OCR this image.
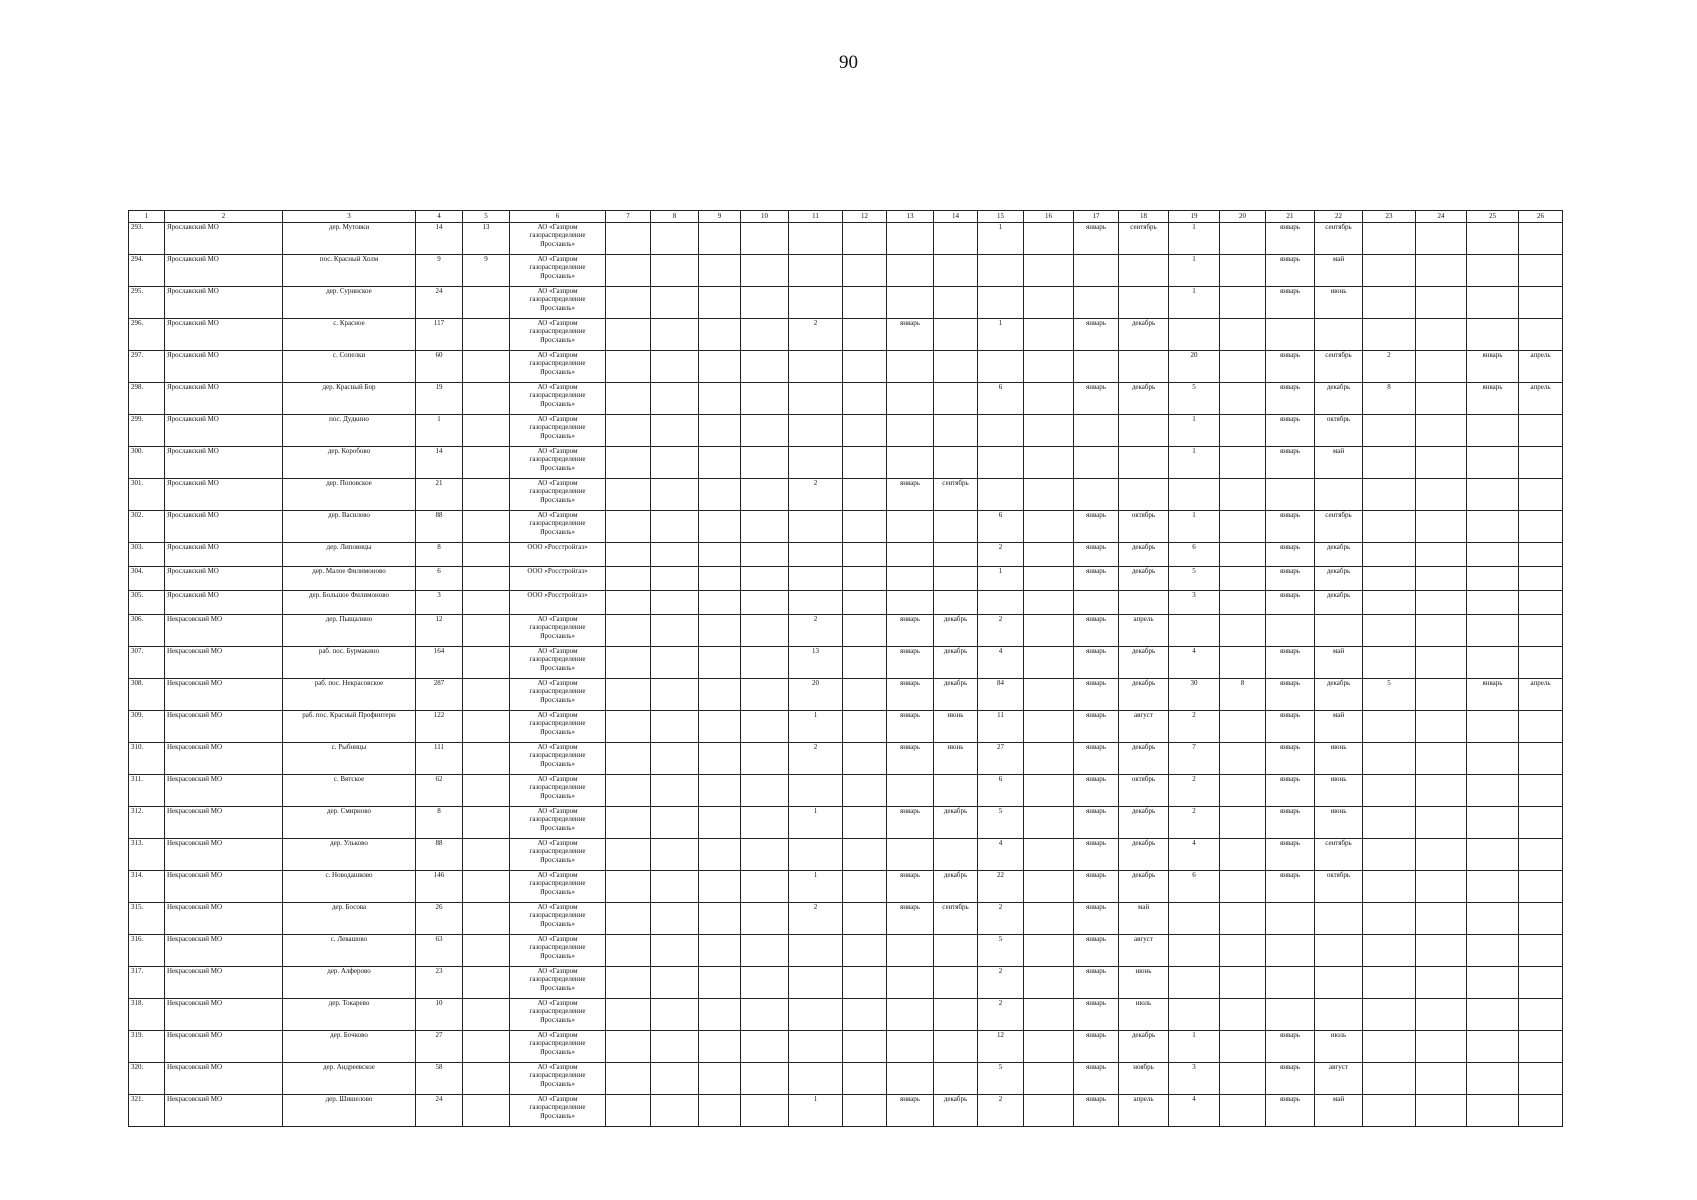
90
1	2	3	4	5	6	7	8	9	10	11	12	13	14	15	16	17	18	19	20	21	22	23	24	25	26
293.	Ярославский МО	дер. Мутовки	14	13	АО «Газпром газораспределение Ярославль»									1		январь	сентябрь	1		январь	сентябрь				
294.	Ярославский МО	пос. Красный Холм	9	9	АО «Газпром газораспределение Ярославль»													1		январь	май				
295.	Ярославский МО	дер. Суринское	24		АО «Газпром газораспределение Ярославль»													1		январь	июнь				
296.	Ярославский МО	с. Красное	117		АО «Газпром газораспределение Ярославль»					2		январь		1		январь	декабрь								
297.	Ярославский МО	с. Сопелки	60		АО «Газпром газораспределение Ярославль»													20		январь	сентябрь	2		январь	апрель
298.	Ярославский МО	дер. Красный Бор	19		АО «Газпром газораспределение Ярославль»									6		январь	декабрь	5		январь	декабрь	8		январь	апрель
299.	Ярославский МО	пос. Дудкино	1		АО «Газпром газораспределение Ярославль»													1		январь	октябрь				
300.	Ярославский МО	дер. Коробово	14		АО «Газпром газораспределение Ярославль»													1		январь	май				
301.	Ярославский МО	дер. Поповское	21		АО «Газпром газораспределение Ярославль»					2		январь	сентябрь												
302.	Ярославский МО	дер. Василево	88		АО «Газпром газораспределение Ярославль»									6		январь	октябрь	1		январь	сентябрь				
303.	Ярославский МО	дер. Липовицы	8		ООО «Росстройгаз»									2		январь	декабрь	6		январь	декабрь				
304.	Ярославский МО	дер. Малое Филимоново	6		ООО «Росстройгаз»									1		январь	декабрь	5		январь	декабрь				
305.	Ярославский МО	дер. Большое Филимоново	3		ООО «Росстройгаз»													3		январь	декабрь				
306.	Некрасовский МО	дер. Пыщалино	12		АО «Газпром газораспределение Ярославль»					2		январь	декабрь	2		январь	апрель								
307.	Некрасовский МО	раб. пос. Бурмакино	164		АО «Газпром газораспределение Ярославль»					13		январь	декабрь	4		январь	декабрь	4		январь	май				
308.	Некрасовский МО	раб. пос. Некрасовское	287		АО «Газпром газораспределение Ярославль»					20		январь	декабрь	84		январь	декабрь	30	8	январь	декабрь	5		январь	апрель
309.	Некрасовский МО	раб. пос. Красный Профинтерн	122		АО «Газпром газораспределение Ярославль»					1		январь	июнь	11		январь	август	2		январь	май				
310.	Некрасовский МО	с. Рыбницы	111		АО «Газпром газораспределение Ярославль»					2		январь	июнь	27		январь	декабрь	7		январь	июнь				
311.	Некрасовский МО	с. Вятское	62		АО «Газпром газораспределение Ярославль»									6		январь	октябрь	2		январь	июнь				
312.	Некрасовский МО	дер. Смирново	8		АО «Газпром газораспределение Ярославль»					1		январь	декабрь	5		январь	декабрь	2		январь	июнь				
313.	Некрасовский МО	дер. Ульково	88		АО «Газпром газораспределение Ярославль»									4		январь	декабрь	4		январь	сентябрь				
314.	Некрасовский МО	с. Новодашково	146		АО «Газпром газораспределение Ярославль»					1		январь	декабрь	22		январь	декабрь	6		январь	октябрь				
315.	Некрасовский МО	дер. Босова	26		АО «Газпром газораспределение Ярославль»					2		январь	сентябрь	2		январь	май								
316.	Некрасовский МО	с. Левашово	63		АО «Газпром газораспределение Ярославль»									5		январь	август								
317.	Некрасовский МО	дер. Алферово	23		АО «Газпром газораспределение Ярославль»									2		январь	июнь								
318.	Некрасовский МО	дер. Токарево	10		АО «Газпром газораспределение Ярославль»									2		январь	июль								
319.	Некрасовский МО	дер. Бочково	27		АО «Газпром газораспределение Ярославль»									12		январь	декабрь	1		январь	июль				
320.	Некрасовский МО	дер. Андреевское	58		АО «Газпром газораспределение Ярославль»									5		январь	ноябрь	3		январь	август				
321.	Некрасовский МО	дер. Шишелово	24		АО «Газпром газораспределение Ярославль»					1		январь	декабрь	2		январь	апрель	4		январь	май				
